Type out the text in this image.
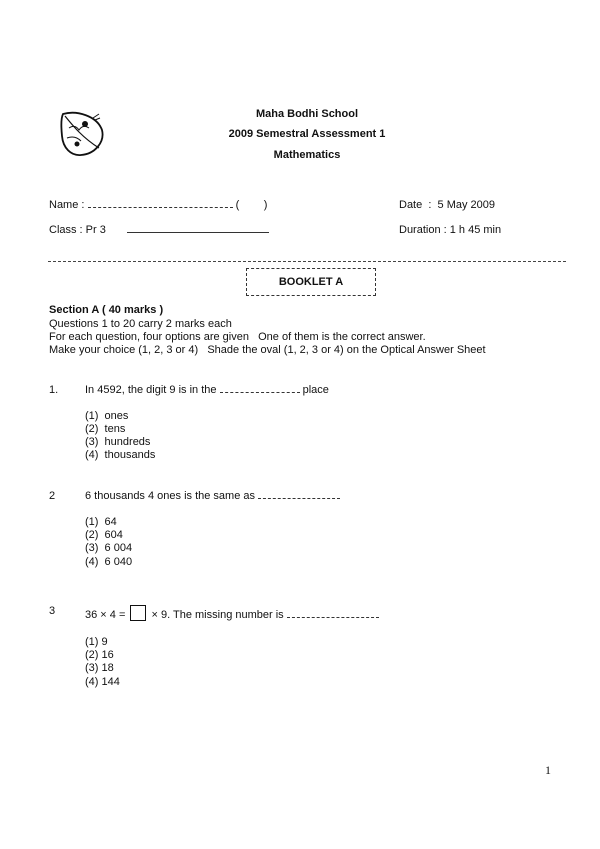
Maha Bodhi School
2009 Semestral Assessment 1
Mathematics
Name :	(        )	Date  :  5 May 2009
Class : Pr 3	Duration : 1 h 45 min
BOOKLET A
Section A ( 40 marks )
Questions 1 to 20 carry 2 marks each
For each question, four options are given   One of them is the correct answer.
Make your choice (1, 2, 3 or 4)   Shade the oval (1, 2, 3 or 4) on the Optical Answer Sheet
1. In 4592, the digit 9 is in the	place
(1)  ones
(2)  tens
(3)  hundreds
(4)  thousands
2	6 thousands 4 ones is the same as
(1)  64
(2)  604
(3)  6 004
(4)  6 040
3	36 × 4 = × 9. The missing number is
(1) 9
(2) 16
(3) 18
(4) 144
1
